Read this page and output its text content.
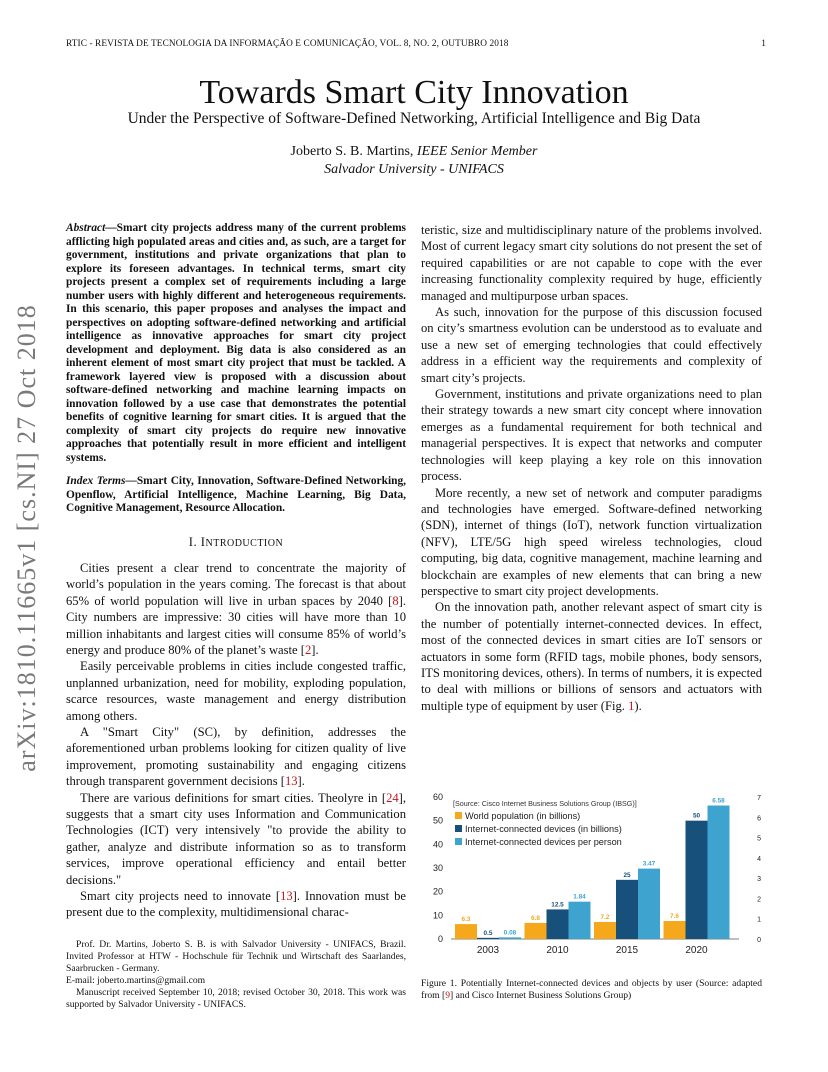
RTIC - REVISTA DE TECNOLOGIA DA INFORMAÇÃO E COMUNICAÇÃO, VOL. 8, NO. 2, OUTUBRO 2018	1
arXiv:1810.11665v1 [cs.NI] 27 Oct 2018
Towards Smart City Innovation
Under the Perspective of Software-Defined Networking, Artificial Intelligence and Big Data
Joberto S. B. Martins, IEEE Senior Member
Salvador University - UNIFACS

Abstract—Smart city projects address many of the current problems afflicting high populated areas and cities and, as such, are a target for government, institutions and private organizations that plan to explore its foreseen advantages. In technical terms, smart city projects present a complex set of requirements including a large number users with highly different and heterogeneous requirements. In this scenario, this paper proposes and analyses the impact and perspectives on adopting software-defined networking and artificial intelligence as innovative approaches for smart city project development and deployment. Big data is also considered as an inherent element of most smart city project that must be tackled. A framework layered view is proposed with a discussion about software-defined networking and machine learning impacts on innovation followed by a use case that demonstrates the potential benefits of cognitive learning for smart cities. It is argued that the complexity of smart city projects do require new innovative approaches that potentially result in more efficient and intelligent systems.

Index Terms—Smart City, Innovation, Software-Defined Networking, Openflow, Artificial Intelligence, Machine Learning, Big Data, Cognitive Management, Resource Allocation.

I. INTRODUCTION

Cities present a clear trend to concentrate the majority of world’s population in the years coming. The forecast is that about 65% of world population will live in urban spaces by 2040 [8]. City numbers are impressive: 30 cities will have more than 10 million inhabitants and largest cities will consume 85% of world’s energy and produce 80% of the planet’s waste [2].

Easily perceivable problems in cities include congested traffic, unplanned urbanization, need for mobility, exploding population, scarce resources, waste management and energy distribution among others.

A "Smart City" (SC), by definition, addresses the aforementioned urban problems looking for citizen quality of live improvement, promoting sustainability and engaging citizens through transparent government decisions [13].

There are various definitions for smart cities. Theolyre in [24], suggests that a smart city uses Information and Communication Technologies (ICT) very intensively "to provide the ability to gather, analyze and distribute information so as to transform services, improve operational efficiency and entail better decisions."

Smart city projects need to innovate [13]. Innovation must be present due to the complexity, multidimensional charac-

Prof. Dr. Martins, Joberto S. B. is with Salvador University - UNIFACS, Brazil. Invited Professor at HTW - Hochschule für Technik und Wirtschaft des Saarlandes, Saarbrucken - Germany.

E-mail: joberto.martins@gmail.com

Manuscript received September 10, 2018; revised October 30, 2018. This work was supported by Salvador University - UNIFACS.

teristic, size and multidisciplinary nature of the problems involved. Most of current legacy smart city solutions do not present the set of required capabilities or are not capable to cope with the ever increasing functionality complexity required by huge, efficiently managed and multipurpose urban spaces.

As such, innovation for the purpose of this discussion focused on city’s smartness evolution can be understood as to evaluate and use a new set of emerging technologies that could effectively address in a efficient way the requirements and complexity of smart city’s projects.

Government, institutions and private organizations need to plan their strategy towards a new smart city concept where innovation emerges as a fundamental requirement for both technical and managerial perspectives. It is expect that networks and computer technologies will keep playing a key role on this innovation process.

More recently, a new set of network and computer paradigms and technologies have emerged. Software-defined networking (SDN), internet of things (IoT), network function virtualization (NFV), LTE/5G high speed wireless technologies, cloud computing, big data, cognitive management, machine learning and blockchain are examples of new elements that can bring a new perspective to smart city project developments.

On the innovation path, another relevant aspect of smart city is the number of potentially internet-connected devices. In effect, most of the connected devices in smart cities are IoT sensors or actuators in some form (RFID tags, mobile phones, body sensors, ITS monitoring devices, others). In terms of numbers, it is expected to deal with millions or billions of sensors and actuators with multiple type of equipment by user (Fig. 1).

0
10
20
30
40
50
60
0
1
2
3
4
5
6
7
[Source: Cisco Internet Business Solutions Group (IBSG)]
World population (in billions)
Internet-connected devices (in billions)
Internet-connected devices per person
6.3
0.5 0.08
2003
6.8
12.5
1.84
2010
7.2
25
3.47
2015
7.6
50
6.58
2020
Figure 1. Potentially Internet-connected devices and objects by user (Source: adapted from [9] and Cisco Internet Business Solutions Group)
